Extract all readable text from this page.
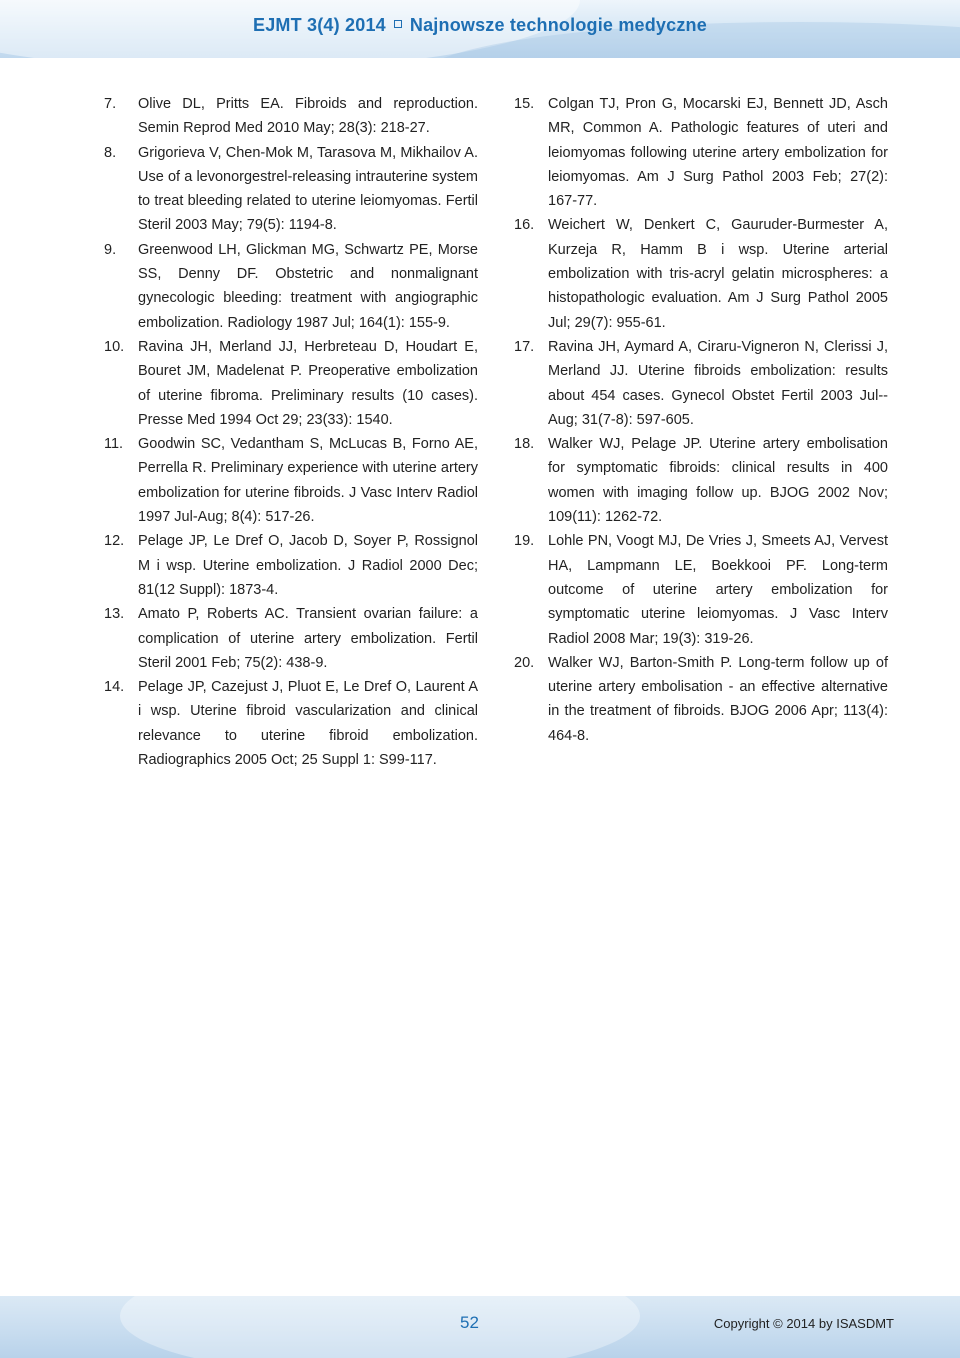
EJMT 3(4) 2014 Najnowsze technologie medyczne
7. Olive DL, Pritts EA. Fibroids and reproduction. Semin Reprod Med 2010 May; 28(3): 218-27.
8. Grigorieva V, Chen-Mok M, Tarasova M, Mikhailov A. Use of a levonorgestrel-releasing intrauterine system to treat bleeding related to uterine leiomyomas. Fertil Steril 2003 May; 79(5): 1194-8.
9. Greenwood LH, Glickman MG, Schwartz PE, Morse SS, Denny DF. Obstetric and nonmalignant gynecologic bleeding: treatment with angiographic embolization. Radiology 1987 Jul; 164(1): 155-9.
10. Ravina JH, Merland JJ, Herbreteau D, Houdart E, Bouret JM, Madelenat P. Preoperative embolization of uterine fibroma. Preliminary results (10 cases). Presse Med 1994 Oct 29; 23(33): 1540.
11. Goodwin SC, Vedantham S, McLucas B, Forno AE, Perrella R. Preliminary experience with uterine artery embolization for uterine fibroids. J Vasc Interv Radiol 1997 Jul-Aug; 8(4): 517-26.
12. Pelage JP, Le Dref O, Jacob D, Soyer P, Rossignol M i wsp. Uterine embolization. J Radiol 2000 Dec; 81(12 Suppl): 1873-4.
13. Amato P, Roberts AC. Transient ovarian failure: a complication of uterine artery embolization. Fertil Steril 2001 Feb; 75(2): 438-9.
14. Pelage JP, Cazejust J, Pluot E, Le Dref O, Laurent A i wsp. Uterine fibroid vascularization and clinical relevance to uterine fibroid embolization. Radiographics 2005 Oct; 25 Suppl 1: S99-117.
15. Colgan TJ, Pron G, Mocarski EJ, Bennett JD, Asch MR, Common A. Pathologic features of uteri and leiomyomas following uterine artery embolization for leiomyomas. Am J Surg Pathol 2003 Feb; 27(2): 167-77.
16. Weichert W, Denkert C, Gauruder-Burmester A, Kurzeja R, Hamm B i wsp. Uterine arterial embolization with tris-acryl gelatin microspheres: a histopathologic evaluation. Am J Surg Pathol 2005 Jul; 29(7): 955-61.
17. Ravina JH, Aymard A, Ciraru-Vigneron N, Clerissi J, Merland JJ. Uterine fibroids embolization: results about 454 cases. Gynecol Obstet Fertil 2003 Jul--Aug; 31(7-8): 597-605.
18. Walker WJ, Pelage JP. Uterine artery embolisation for symptomatic fibroids: clinical results in 400 women with imaging follow up. BJOG 2002 Nov; 109(11): 1262-72.
19. Lohle PN, Voogt MJ, De Vries J, Smeets AJ, Vervest HA, Lampmann LE, Boekkooi PF. Long-term outcome of uterine artery embolization for symptomatic uterine leiomyomas. J Vasc Interv Radiol 2008 Mar; 19(3): 319-26.
20. Walker WJ, Barton-Smith P. Long-term follow up of uterine artery embolisation - an effective alternative in the treatment of fibroids. BJOG 2006 Apr; 113(4): 464-8.
52	Copyright © 2014 by ISASDMT
